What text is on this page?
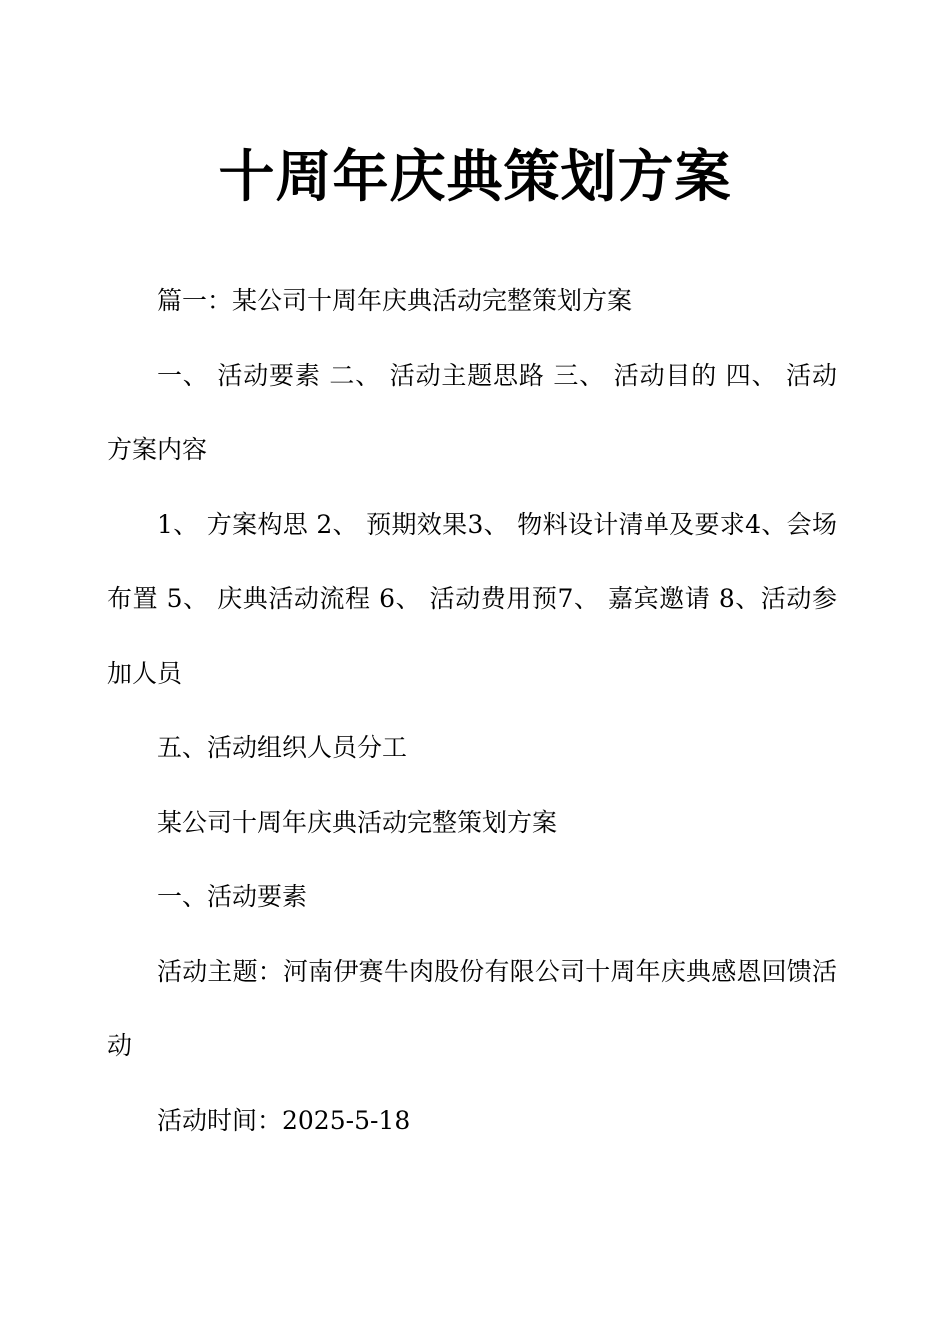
十周年庆典策划方案

篇一：某公司十周年庆典活动完整策划方案

一、 活动要素 二、 活动主题思路 三、 活动目的 四、 活动方案内容

1、 方案构思 2、 预期效果3、 物料设计清单及要求4、会场布置 5、 庆典活动流程 6、 活动费用预7、 嘉宾邀请 8、活动参加人员

五、活动组织人员分工

某公司十周年庆典活动完整策划方案

一、活动要素

活动主题：河南伊赛牛肉股份有限公司十周年庆典感恩回馈活动

活动时间：2025-5-18
